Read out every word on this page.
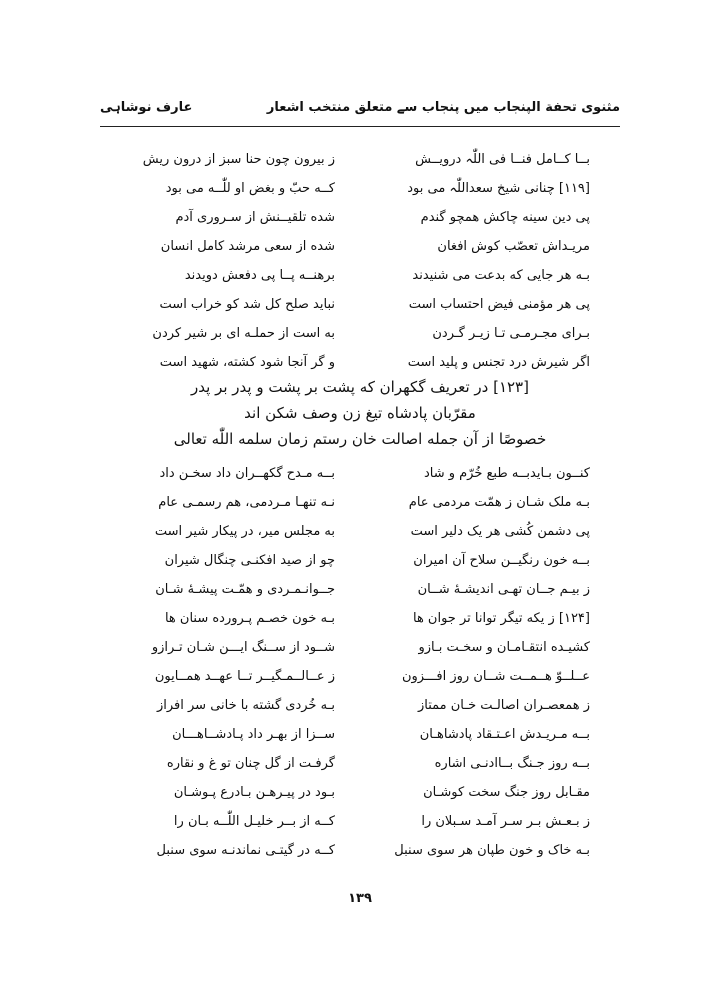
مثنوی تحفة الپنجاب میں پنجاب سے متعلق منتخب اشعار
عارف نوشاہی
بــا کــامل فنــا فی اللّٰہ درویــش
ز بیرون چون حنا سبز از درون ریش
[۱۱۹] چنانی شیخ سعداللّٰہ می بود
کــه حبّ و بغض او للّٰــه می بود
پی دین سینه چاکش همچو گندم
شده تلقیــنش از سـروری آدم
مریـداش تعصّب کوش افغان
شده از سعی مرشد کامل انسان
بـه هر جایی که بدعت می شنیدند
برهنــه پــا پی دفعش دویدند
پی هر مؤمنی فیض احتساب است
نباید صلح کل شد کو خراب است
بـرای مجـرمـی تـا زیـر گـردن
به است از حملـه ای بر شیر کردن
اگر شیرش درد تجنس و پلید است
و گر آنجا شود کشته، شهید است
[۱۲۳] در تعریف گکهران که پشت بر پشت و پدر بر پدر
مقرّبان پادشاه تیغ زن وصف شکن اند
خصوصًا از آن جمله اصالت خان رستم زمان سلمه اللّٰه تعالی
کنــون بـایدبــه طبع خُرّم و شاد
بــه مـدح گکهــران داد سخـن داد
بـه ملک شـان ز همّت مردمی عام
نـه تنهـا مـردمی، هم رسمـی عام
پی دشمن کُشی هر یک دلیر است
به مجلس میر، در پیکار شیر است
بــه خون رنگیــن سلاح آن امیران
چو از صید افکنـی چنگال شیران
ز بیـم جــان تهـی اندیشـهٔ شــان
جــوانـمـردی و همّـت پیشـهٔ شـان
[۱۲۴] ز یکه تیگر توانا تر جوان ها
بـه خون خصـم پـرورده سنان ها
کشیـده انتقـامـان و سخـت بـازو
شــود از ســنگ ایـــن شـان تـرازو
عــلــوّ هــمــت شــان روز افـــزون
ز عــالــمـگیــر تــا عهــد همــایون
ز همعصـران اصالـت خـان ممتاز
بـه خُردی گشته با خانی سر افراز
بــه مـریـدش اعـتـقاد پادشاهـان
ســزا از بهـر داد پـادشــاهـــان
بــه روز جـنگ بــاادنـی اشاره
گرفـت از گل چنان تو غ و نقاره
مقـابل روز جنگ سخت کوشـان
بـود در پیـرهـن بـادرع پـوشـان
ز بـعـش بـر سـر آمـد سـبلان را
کــه از بــر خلیـل اللّٰــه بـان را
بـه خاک و خون طپان هر سوی سنبل
کــه در گیتـی نماندنـه سوی سنبل
۱۳۹
